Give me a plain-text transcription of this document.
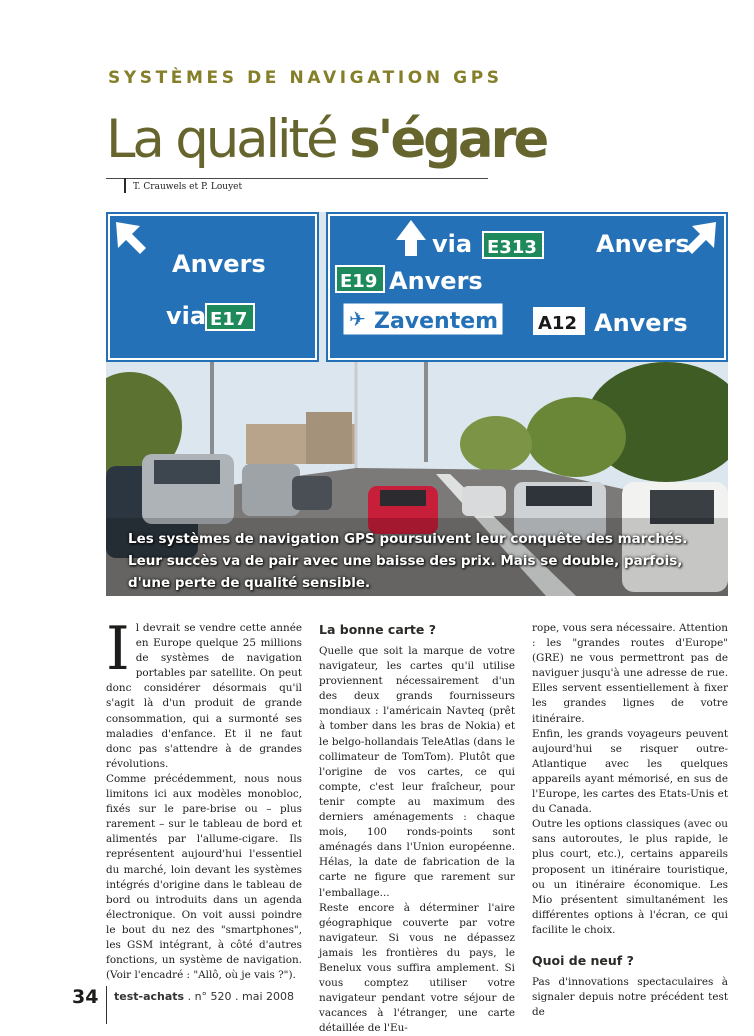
SYSTÈMES DE NAVIGATION GPS
La qualité s'égare
T. Crauwels et P. Louyet
Anvers
via E17
via E313 Anvers
E19 Anvers
✈ Zaventem A12 Anvers
Les systèmes de navigation GPS poursuivent leur conquête des marchés. Leur succès va de pair avec une baisse des prix. Mais se double, parfois, d'une perte de qualité sensible.
I l devrait se vendre cette année en Europe quelque 25 millions de systèmes de navigation portables par satellite. On peut donc considérer désormais qu'il s'agit là d'un produit de grande consommation, qui a surmonté ses maladies d'enfance. Et il ne faut donc pas s'attendre à de grandes révolutions.

Comme précédemment, nous nous limitons ici aux modèles monobloc, fixés sur le pare-brise ou – plus rarement – sur le tableau de bord et alimentés par l'allume-cigare. Ils représentent aujourd'hui l'essentiel du marché, loin devant les systèmes intégrés d'origine dans le tableau de bord ou introduits dans un agenda électronique. On voit aussi poindre le bout du nez des "smartphones", les GSM intégrant, à côté d'autres fonctions, un système de navigation. (Voir l'encadré : "Allô, où je vais ?").

La bonne carte ?

Quelle que soit la marque de votre navigateur, les cartes qu'il utilise proviennent nécessairement d'un des deux grands fournisseurs mondiaux : l'américain Navteq (prêt à tomber dans les bras de Nokia) et le belgo-hollandais TeleAtlas (dans le collimateur de TomTom). Plutôt que l'origine de vos cartes, ce qui compte, c'est leur fraîcheur, pour tenir compte au maximum des derniers aménagements : chaque mois, 100 ronds-points sont aménagés dans l'Union européenne. Hélas, la date de fabrication de la carte ne figure que rarement sur l'emballage...

Reste encore à déterminer l'aire géographique couverte par votre navigateur. Si vous ne dépassez jamais les frontières du pays, le Benelux vous suffira amplement. Si vous comptez utiliser votre navigateur pendant votre séjour de vacances à l'étranger, une carte détaillée de l'Eu-

rope, vous sera nécessaire. Attention : les "grandes routes d'Europe" (GRE) ne vous permettront pas de naviguer jusqu'à une adresse de rue. Elles servent essentiellement à fixer les grandes lignes de votre itinéraire.

Enfin, les grands voyageurs peuvent aujourd'hui se risquer outre-Atlantique avec les quelques appareils ayant mémorisé, en sus de l'Europe, les cartes des Etats-Unis et du Canada.

Outre les options classiques (avec ou sans autoroutes, le plus rapide, le plus court, etc.), certains appareils proposent un itinéraire touristique, ou un itinéraire économique. Les Mio présentent simultanément les différentes options à l'écran, ce qui facilite le choix.

Quoi de neuf ?

Pas d'innovations spectaculaires à signaler depuis notre précédent test de

34 test-achats . n° 520 . mai 2008
